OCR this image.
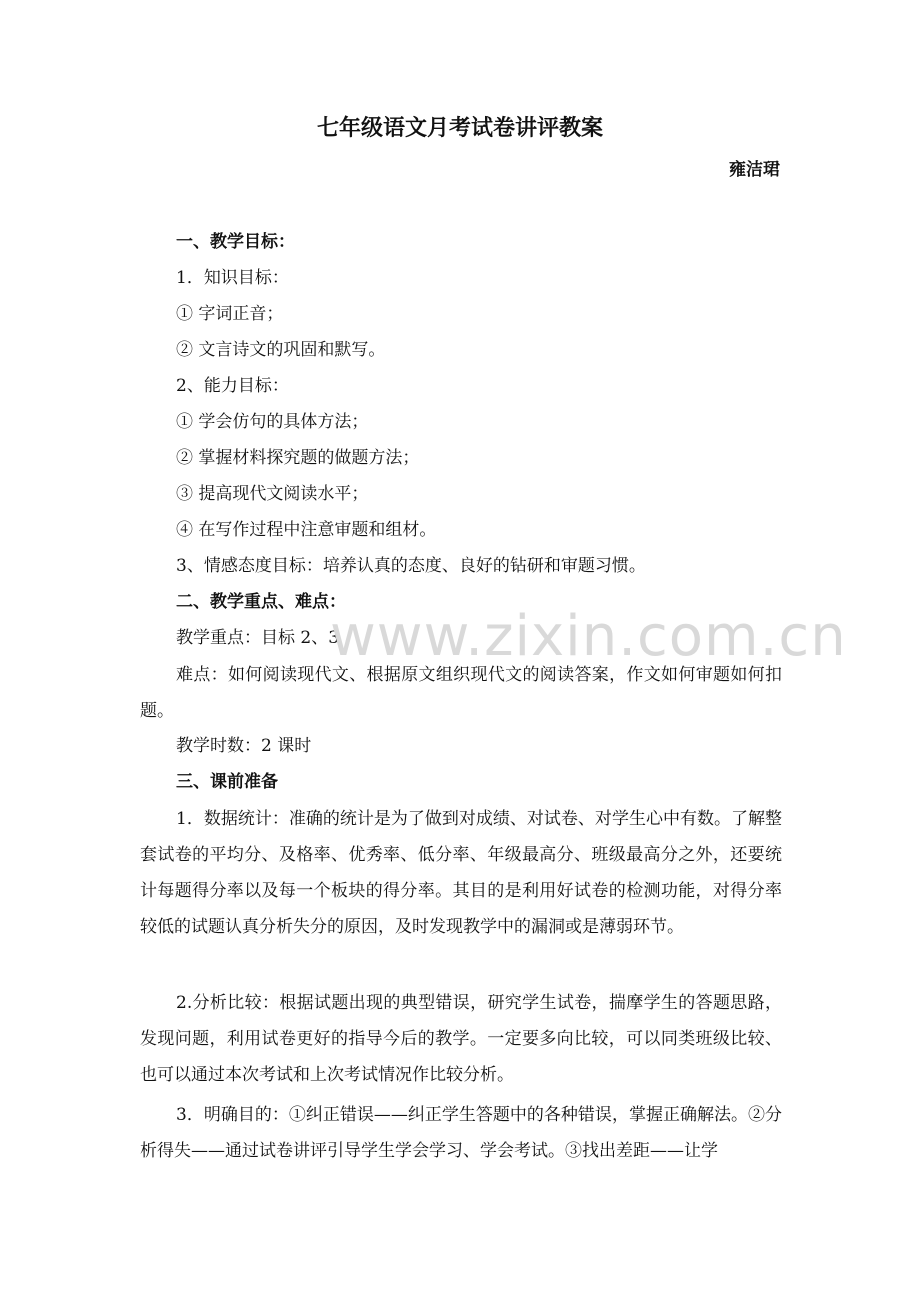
七年级语文月考试卷讲评教案
雍洁珺
一、教学目标：
1．知识目标：
① 字词正音；
② 文言诗文的巩固和默写。
2、能力目标：
① 学会仿句的具体方法；
② 掌握材料探究题的做题方法；
③ 提高现代文阅读水平；
④ 在写作过程中注意审题和组材。
3、情感态度目标：培养认真的态度、良好的钻研和审题习惯。
二、教学重点、难点：
教学重点：目标 2、3
难点：如何阅读现代文、根据原文组织现代文的阅读答案，作文如何审题如何扣题。
教学时数：2 课时
三、课前准备
1．数据统计：准确的统计是为了做到对成绩、对试卷、对学生心中有数。了解整套试卷的平均分、及格率、优秀率、低分率、年级最高分、班级最高分之外，还要统计每题得分率以及每一个板块的得分率。其目的是利用好试卷的检测功能，对得分率较低的试题认真分析失分的原因，及时发现教学中的漏洞或是薄弱环节。
2.分析比较：根据试题出现的典型错误，研究学生试卷，揣摩学生的答题思路，发现问题，利用试卷更好的指导今后的教学。一定要多向比较，可以同类班级比较、也可以通过本次考试和上次考试情况作比较分析。
3．明确目的：①纠正错误——纠正学生答题中的各种错误，掌握正确解法。②分析得失——通过试卷讲评引导学生学会学习、学会考试。③找出差距——让学
www.zixin.com.cn
